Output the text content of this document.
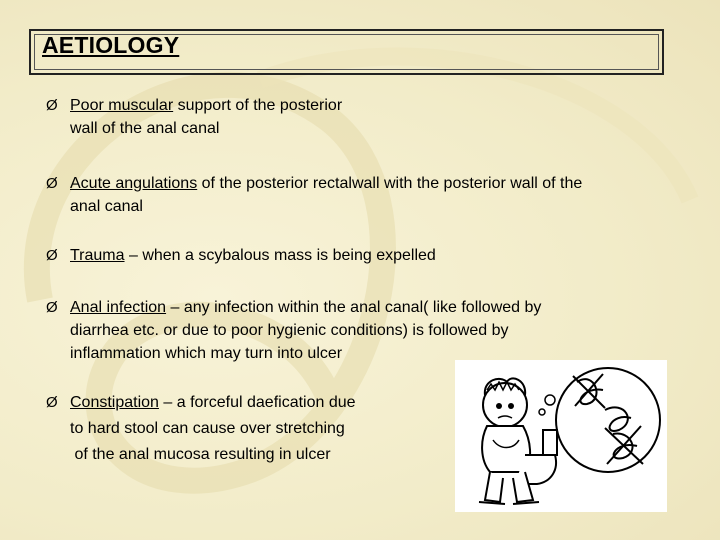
AETIOLOGY
Ø Poor muscular support of the posterior
wall of the anal canal
Ø Acute angulations of the posterior rectalwall with the posterior wall of the
anal canal
Ø Trauma – when a scybalous mass is being expelled
Ø Anal infection – any infection within the anal canal( like followed by
diarrhea etc. or due to poor hygienic conditions) is followed by
inflammation which may turn into ulcer
Ø Constipation – a forceful daefication due
to hard stool can cause over stretching
of the anal mucosa resulting in ulcer
